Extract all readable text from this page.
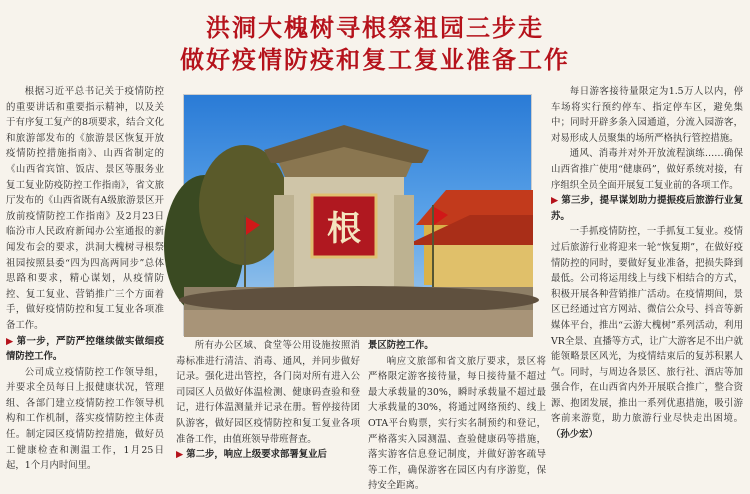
洪洞大槐树寻根祭祖园三步走
做好疫情防疫和复工复业准备工作

根据习近平总书记关于疫情防控的重要讲话和重要指示精神，以及关于有序复工复产的8项要求，结合文化和旅游部发布的《旅游景区恢复开放疫情防控措施指南》、山西省制定的《山西省宾馆、饭店、景区等服务业复工复业防疫防控工作指南》，省文旅厅发布的《山西省既有A级旅游景区开放前疫情防控工作指南》及2月23日临汾市人民政府新闻办公室通报的新闻发布会的要求，洪洞大槐树寻根祭祖园按照县委“四为四高两同步”总体思路和要求，精心谋划，从疫情防控、复工复业、营销推广三个方面着手，做好疫情防控和复工复业各项准备工作。

▶ 第一步，严防严控继续做实做细疫情防控工作。

公司成立疫情防控工作领导组，并要求全员每日上报健康状况，管理组、各部门建立疫情防控工作领导机构和工作机制，落实疫情防控主体责任。制定园区疫情防控措施，做好员工健康检查和测温工作，1月25日起，1个月内时间里。

根

所有办公区域、食堂等公用设施按照消毒标准进行清洁、消毒、通风，并同步做好记录。强化进出管控，各门岗对所有进入公司园区人员做好体温检测、健康码查验和登记，进行体温测量并记录在册。暂停接待团队游客，做好园区疫情防控和复工复业各项准备工作，由值班领导带班督查。

▶ 第二步，响应上级要求部署复业后

景区防控工作。

响应文旅部和省文旅厅要求，景区将严格限定游客接待量，每日接待量不超过最大承载量的30%，瞬时承载量不超过最大承载量的30%，将通过网络预约、线上OTA平台购票，实行实名制预约和登记，严格落实入园测温、查验健康码等措施，落实游客信息登记制度，并做好游客疏导等工作，确保游客在园区内有序游览，保持安全距离。

每日游客接待量限定为1.5万人以内，停车场将实行预约停车、指定停车区，避免集中；同时开辟多条入园通道，分流入园游客，对易形成人员聚集的场所严格执行管控措施。

通风、消毒并对外开放流程演练……确保山西省推广使用“健康码”，做好系统对接，有序组织全员全面开展复工复业前的各项工作。

▶ 第三步，提早谋划助力提振疫后旅游行业复苏。

一手抓疫情防控，一手抓复工复业。疫情过后旅游行业将迎来一轮“恢复期”，在做好疫情防控的同时，要做好复业准备，把损失降到最低。公司将运用线上与线下相结合的方式，积极开展各种营销推广活动。在疫情期间，景区已经通过官方网站、微信公众号、抖音等新媒体平台，推出“云游大槐树”系列活动，利用VR全景、直播等方式，让广大游客足不出户就能领略景区风光，为疫情结束后的复苏积累人气。同时，与周边各景区、旅行社、酒店等加强合作，在山西省内外开展联合推广，整合资源、抱团发展，推出一系列优惠措施，吸引游客前来游览，助力旅游行业尽快走出困境。（孙少宏）
